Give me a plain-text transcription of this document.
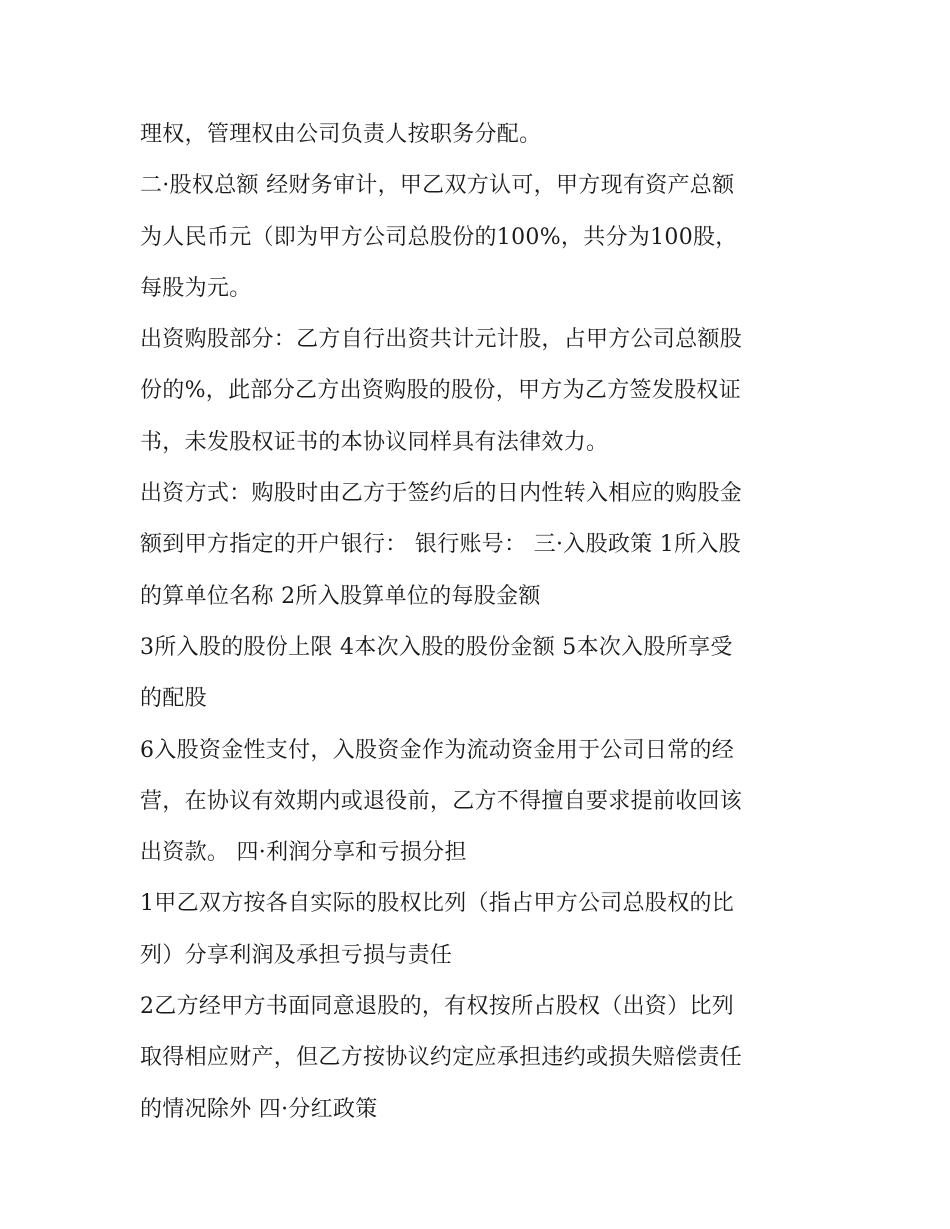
理权，管理权由公司负责人按职务分配。
二·股权总额 经财务审计，甲乙双方认可，甲方现有资产总额
为人民币元（即为甲方公司总股份的100%，共分为100股，
每股为元。
出资购股部分：乙方自行出资共计元计股，占甲方公司总额股
份的%，此部分乙方出资购股的股份，甲方为乙方签发股权证
书，未发股权证书的本协议同样具有法律效力。
出资方式：购股时由乙方于签约后的日内性转入相应的购股金
额到甲方指定的开户银行： 银行账号： 三·入股政策 1所入股
的算单位名称 2所入股算单位的每股金额
3所入股的股份上限 4本次入股的股份金额 5本次入股所享受
的配股
6入股资金性支付，入股资金作为流动资金用于公司日常的经
营，在协议有效期内或退役前，乙方不得擅自要求提前收回该
出资款。 四·利润分享和亏损分担
1甲乙双方按各自实际的股权比列（指占甲方公司总股权的比
列）分享利润及承担亏损与责任
2乙方经甲方书面同意退股的，有权按所占股权（出资）比列
取得相应财产，但乙方按协议约定应承担违约或损失赔偿责任
的情况除外 四·分红政策
